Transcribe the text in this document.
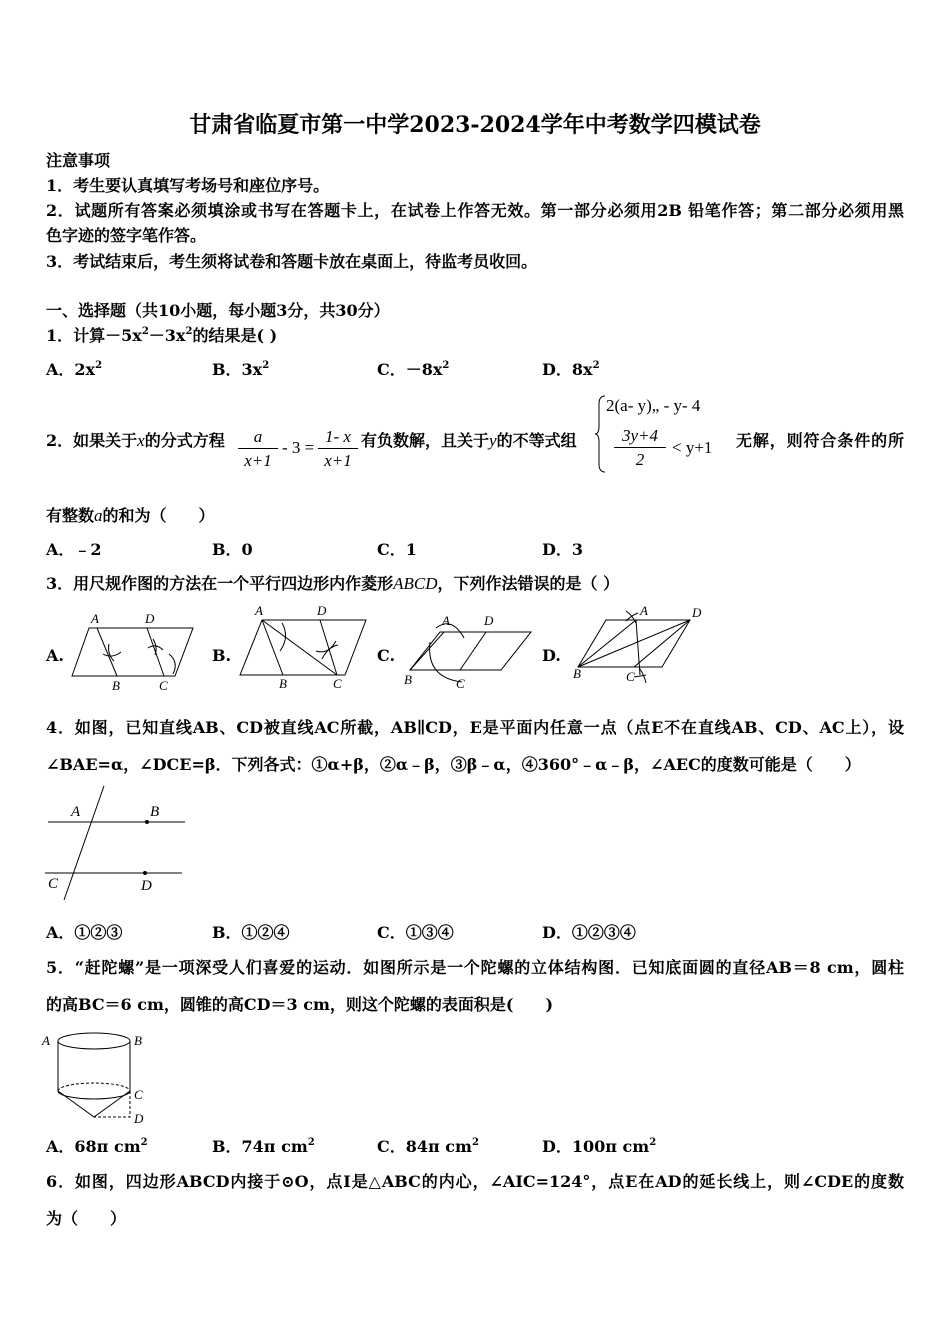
甘肃省临夏市第一中学2023-2024学年中考数学四模试卷
注意事项
1．考生要认真填写考场号和座位序号。
2．试题所有答案必须填涂或书写在答题卡上，在试卷上作答无效。第一部分必须用2B 铅笔作答；第二部分必须用黑
色字迹的签字笔作答。
3．考试结束后，考生须将试卷和答题卡放在桌面上，待监考员收回。
一、选择题（共10小题，每小题3分，共30分）
1．计算$-5x^2-3x^2$的结果是( )
A．$2x^2$	B．$3x^2$	C．$-8x^2$	D．$8x^2$
2．如果关于x的分式方程 $\frac{a}{x+1} - 3 = \frac{1- x}{x+1}$ 有负数解，且关于y的不等式组
2(a- y)„ - y- 4
$\frac{3y+4}{2} < y+1$ 无解，则符合条件的所
有整数a的和为（　　）
A．﹣2	B．0	C．1	D．3
3．用尺规作图的方法在一个平行四边形内作菱形ABCD，下列作法错误的是（ ）
A.	B.	C.	D.
A	D
B	C
A	D
B	C
A	D
B	C
A	D
B	C
4．如图，已知直线AB、CD被直线AC所截，AB∥CD，E是平面内任意一点（点E不在直线AB、CD、AC上），设
∠BAE=α，∠DCE=β．下列各式：①α+β，②α﹣β，③β﹣α，④360°﹣α﹣β，∠AEC的度数可能是（　　）
A	B
C	D
A．①②③	B．①②④	C．①③④	D．①②③④
5．“赶陀螺”是一项深受人们喜爱的运动．如图所示是一个陀螺的立体结构图．已知底面圆的直径AB＝8 cm，圆柱
的高BC＝6 cm，圆锥的高CD＝3 cm，则这个陀螺的表面积是(　　)
A	B
C
D
A．68π $cm^2$	B．74π $cm^2$	C．84π $cm^2$	D．100π $cm^2$
6．如图，四边形ABCD内接于⊙O，点I是△ABC的内心，∠AIC=124°，点E在AD的延长线上，则∠CDE的度数
为（　　）
